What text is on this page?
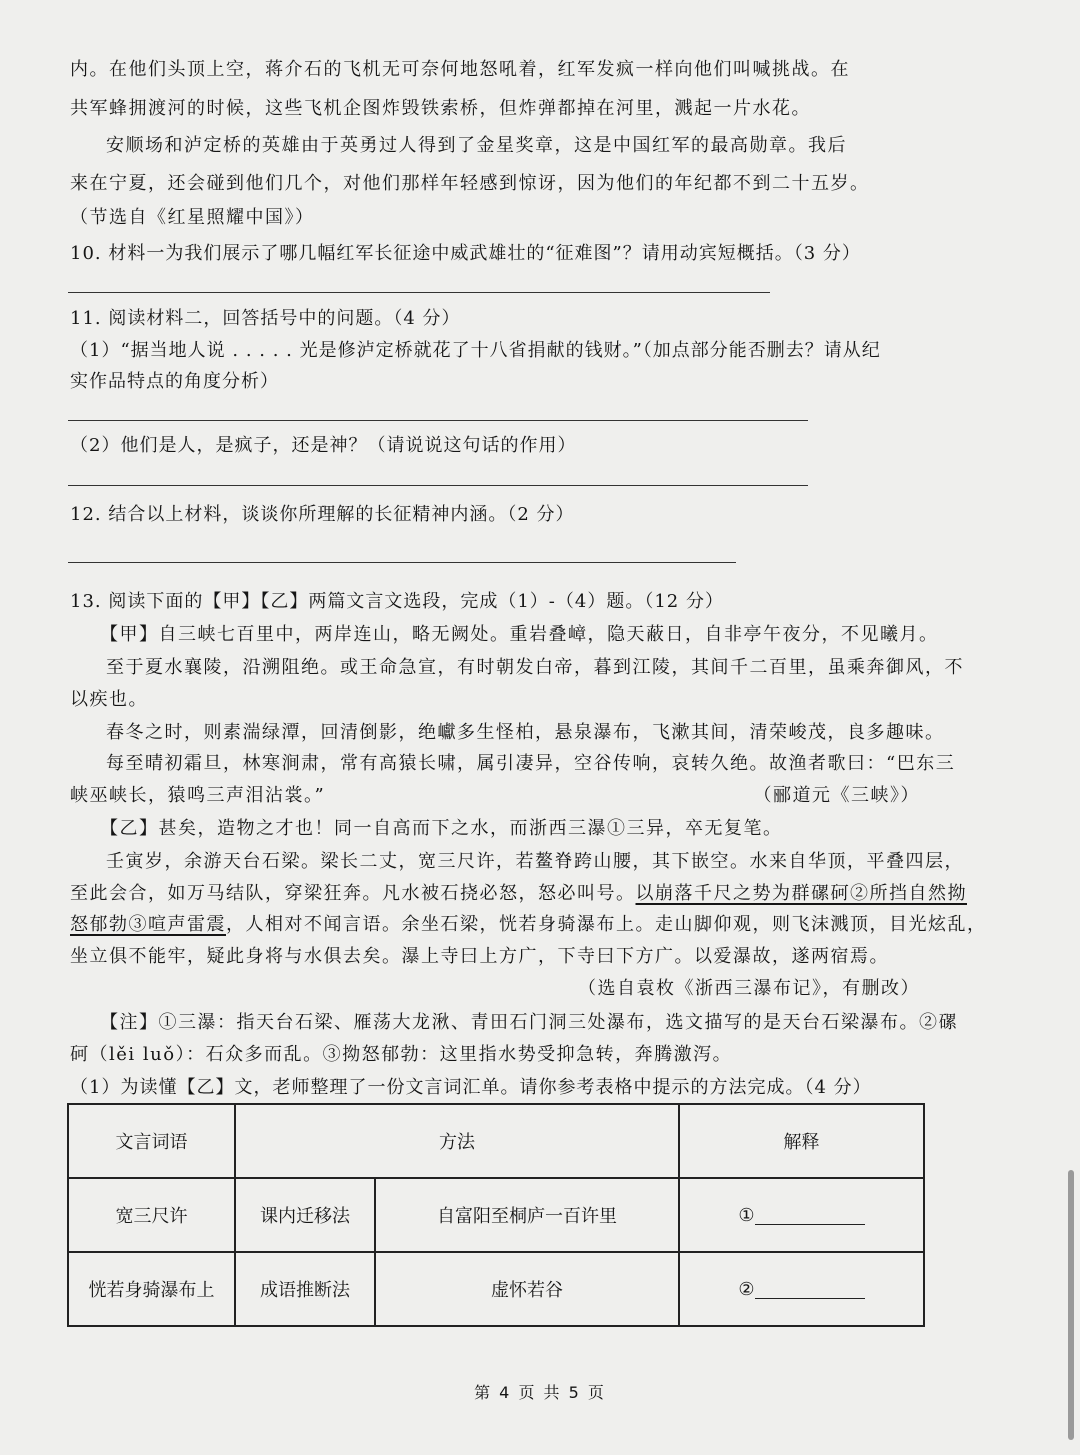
内。在他们头顶上空，蒋介石的飞机无可奈何地怒吼着，红军发疯一样向他们叫喊挑战。在
共军蜂拥渡河的时候，这些飞机企图炸毁铁索桥，但炸弹都掉在河里，溅起一片水花。
安顺场和泸定桥的英雄由于英勇过人得到了金星奖章，这是中国红军的最高勋章。我后
来在宁夏，还会碰到他们几个，对他们那样年轻感到惊讶，因为他们的年纪都不到二十五岁。
（节选自《红星照耀中国》）
10. 材料一为我们展示了哪几幅红军长征途中威武雄壮的“征难图”？请用动宾短概括。（3 分）
11. 阅读材料二，回答括号中的问题。（4 分）
（1）“据当地人说 . . . . . 光是修泸定桥就花了十八省捐献的钱财。”（加点部分能否删去？请从纪
实作品特点的角度分析）
（2）他们是人，是疯子，还是神？（请说说这句话的作用）
12. 结合以上材料，谈谈你所理解的长征精神内涵。（2 分）
13. 阅读下面的【甲】【乙】两篇文言文选段，完成（1）-（4）题。（12 分）
【甲】自三峡七百里中，两岸连山，略无阙处。重岩叠嶂，隐天蔽日，自非亭午夜分，不见曦月。
至于夏水襄陵，沿溯阻绝。或王命急宣，有时朝发白帝，暮到江陵，其间千二百里，虽乘奔御风，不
以疾也。
春冬之时，则素湍绿潭，回清倒影，绝巘多生怪柏，悬泉瀑布，飞漱其间，清荣峻茂，良多趣味。
每至晴初霜旦，林寒涧肃，常有高猿长啸，属引凄异，空谷传响，哀转久绝。故渔者歌曰：“巴东三
峡巫峡长，猿鸣三声泪沾裳。”	（郦道元《三峡》）
【乙】甚矣，造物之才也！同一自高而下之水，而浙西三瀑①三异，卒无复笔。
壬寅岁，余游天台石梁。梁长二丈，宽三尺许，若鳌脊跨山腰，其下嵌空。水来自华顶，平叠四层，
至此会合，如万马结队，穿梁狂奔。凡水被石挠必怒，怒必叫号。以崩落千尺之势为群磥砢②所挡自然拗
怒郁勃③喧声雷震，人相对不闻言语。余坐石梁，恍若身骑瀑布上。走山脚仰观，则飞沫溅顶，目光炫乱，
坐立俱不能牢，疑此身将与水俱去矣。瀑上寺曰上方广，下寺曰下方广。以爱瀑故，遂两宿焉。
（选自袁枚《浙西三瀑布记》，有删改）
【注】①三瀑：指天台石梁、雁荡大龙湫、青田石门洞三处瀑布，选文描写的是天台石梁瀑布。②磥
砢（lěi luǒ）：石众多而乱。③拗怒郁勃：这里指水势受抑急转，奔腾激泻。
（1）为读懂【乙】文，老师整理了一份文言词汇单。请你参考表格中提示的方法完成。（4 分）
文言词语	方法		解释
宽三尺许	课内迁移法	自富阳至桐庐一百许里	①
恍若身骑瀑布上	成语推断法	虚怀若谷	②
第 4 页 共 5 页
